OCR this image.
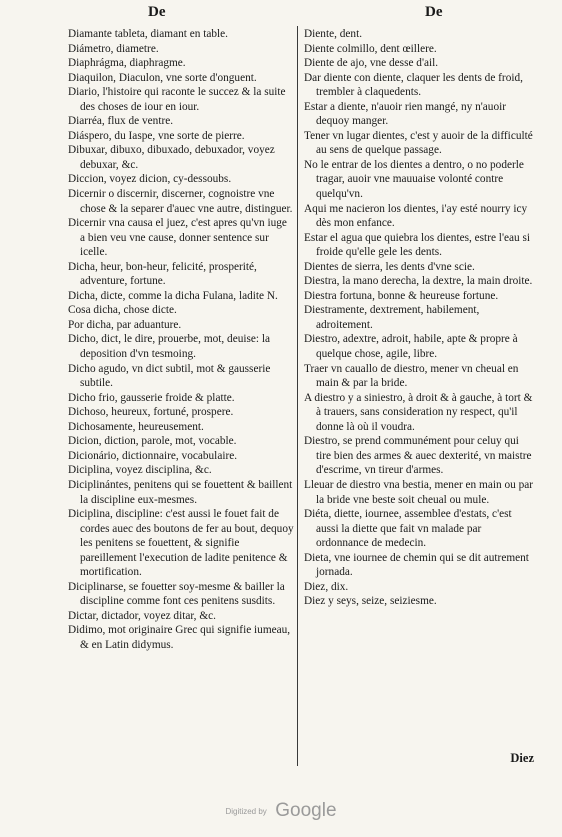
De	De
Diamante tableta, diamant en table.
Diámetro, diametre.
Diaphrágma, diaphragme.
Diaquilon, Diaculon, vne sorte d'onguent.
Diario, l'histoire qui raconte le succez & la suite des choses de iour en iour.
Diarréa, flux de ventre.
Diáspero, du Iaspe, vne sorte de pierre.
Dibuxar, dibuxo, dibuxado, debuxador, voyez debuxar, &c.
Diccion, voyez dicion, cy-dessoubs.
Dicernir o discernir, discerner, cognoistre vne chose & la separer d'auec vne autre, distinguer.
Dicernir vna causa el juez, c'est apres qu'vn iuge a bien veu vne cause, donner sentence sur icelle.
Dicha, heur, bon-heur, felicité, prosperité, adventure, fortune.
Dicha, dicte, comme la dicha Fulana, ladite N.
Cosa dicha, chose dicte.
Por dicha, par aduanture.
Dicho, dict, le dire, prouerbe, mot, deuise: la deposition d'vn tesmoing.
Dicho agudo, vn dict subtil, mot & gausserie subtile.
Dicho frio, gausserie froide & platte.
Dichoso, heureux, fortuné, prospere.
Dichosamente, heureusement.
Dicion, diction, parole, mot, vocable.
Dicionário, dictionnaire, vocabulaire.
Diciplina, voyez disciplina, &c.
Diciplinántes, penitens qui se fouettent & baillent la discipline eux-mesmes.
Diciplina, discipline: c'est aussi le fouet fait de cordes auec des boutons de fer au bout, dequoy les penitens se fouettent, & signifie pareillement l'execution de ladite penitence & mortification.
Diciplinarse, se fouetter soy-mesme & bailler la discipline comme font ces penitens susdits.
Dictar, dictador, voyez ditar, &c.
Didimo, mot originaire Grec qui signifie iumeau, & en Latin didymus.
Diente, dent.
Diente colmillo, dent œillere.
Diente de ajo, vne desse d'ail.
Dar diente con diente, claquer les dents de froid, trembler à claquedents.
Estar a diente, n'auoir rien mangé, ny n'auoir dequoy manger.
Tener vn lugar dientes, c'est y auoir de la difficulté au sens de quelque passage.
No le entrar de los dientes a dentro, o no poderle tragar, auoir vne mauuaise volonté contre quelqu'vn.
Aqui me nacieron los dientes, i'ay esté nourry icy dès mon enfance.
Estar el agua que quiebra los dientes, estre l'eau si froide qu'elle gele les dents.
Dientes de sierra, les dents d'vne scie.
Diestra, la mano derecha, la dextre, la main droite.
Diestra fortuna, bonne & heureuse fortune.
Diestramente, dextrement, habilement, adroitement.
Diestro, adextre, adroit, habile, apte & propre à quelque chose, agile, libre.
Traer vn cauallo de diestro, mener vn cheual en main & par la bride.
A diestro y a siniestro, à droit & à gauche, à tort & à trauers, sans consideration ny respect, qu'il donne là où il voudra.
Diestro, se prend communément pour celuy qui tire bien des armes & auec dexterité, vn maistre d'escrime, vn tireur d'armes.
Lleuar de diestro vna bestia, mener en main ou par la bride vne beste soit cheual ou mule.
Diéta, diette, iournee, assemblee d'estats, c'est aussi la diette que fait vn malade par ordonnance de medecin.
Dieta, vne iournee de chemin qui se dit autrement jornada.
Diez, dix.
Diez y seys, seize, seiziesme.
Diez
Digitized by Google
